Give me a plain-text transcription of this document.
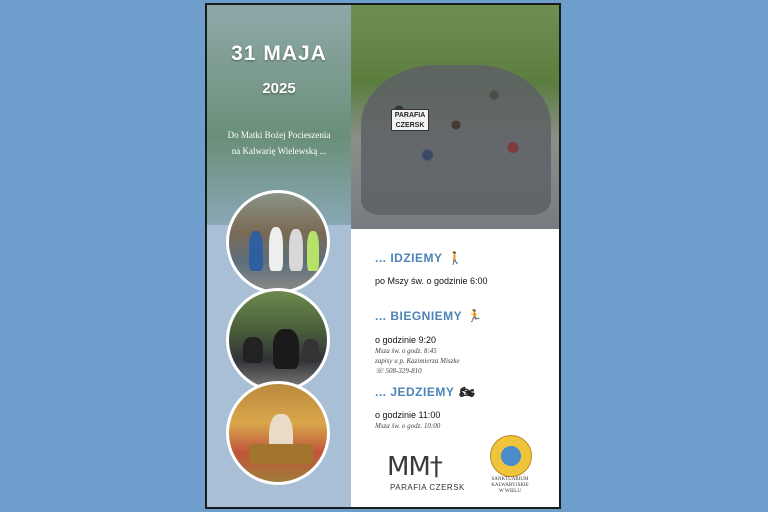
PARAFIA
CZERSK
31 MAJA
2025
Do Matki Bożej Pocieszenia
na Kalwarię Wielewską ...
... IDZIEMY 🚶
po Mszy św. o godzinie 6:00
... BIEGNIEMY 🏃
o godzinie 9:20
Msza św. o godz. 8:45
zapisy u p. Kazimierza Miszke
☏ 508-329-810
... JEDZIEMY 🏍
o godzinie 11:00
Msza św. o godz. 10:00
MM†
PARAFIA CZERSK
SANKTUARIUM
KALWARYJSKIE
W WIELU
